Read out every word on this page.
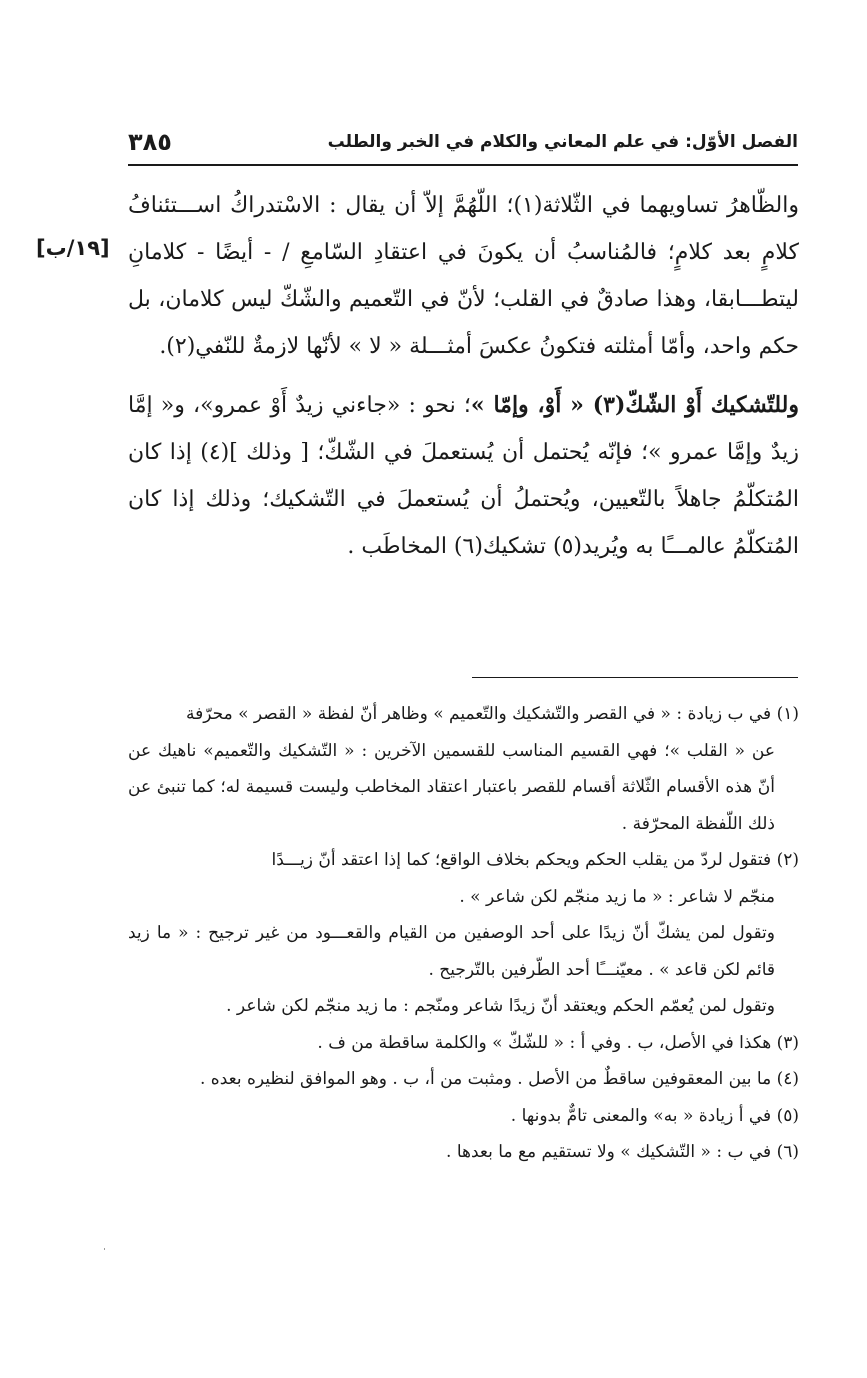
الفصل الأوّل: في علم المعاني والكلام في الخبر والطلب
٣٨٥
[١٩/ب]

والظّاهرُ تساويهما في الثّلاثة(١)؛ اللّهُمَّ إلاّ أن يقال : الاسْتدراكُ اســـتئنافُ كلامٍ بعد كلامٍ؛ فالمُناسبُ أن يكونَ في اعتقادِ السّامعِ / - أيضًا - كلامانِ ليتطـــابقا، وهذا صادقٌ في القلب؛ لأنّ في التّعميم والشّكّ ليس كلامان، بل حكم واحد، وأمّا أمثلته فتكونُ عكسَ أمثـــلة « لا » لأنّها لازمةٌ للنّفي(٢).

وللتّشكيك أَوْ الشّكّ(٣) « أَوْ، وإمّا »؛ نحو : «جاءني زيدٌ أَوْ عمرو»، و« إمَّا زيدٌ وإمَّا عمرو »؛ فإنّه يُحتمل أن يُستعملَ في الشّكّ؛ [ وذلك ](٤) إذا كان المُتكلّمُ جاهلاً بالتّعيين، ويُحتملُ أن يُستعملَ في التّشكيك؛ وذلك إذا كان المُتكلّمُ عالمـــًا به ويُريد(٥) تشكيك(٦) المخاطَب .

(١) في ب زيادة : « في القصر والتّشكيك والتّعميم » وظاهر أنّ لفظة « القصر » محرّفة
عن « القلب »؛ فهي القسيم المناسب للقسمين الآخرين : « التّشكيك والتّعميم» ناهيك عن أنّ هذه الأقسام الثّلاثة أقسام للقصر باعتبار اعتقاد المخاطب وليست قسيمة له؛ كما تنبئ عن ذلك اللّفظة المحرّفة .

(٢) فتقول لردّ من يقلب الحكم ويحكم بخلاف الواقع؛ كما إذا اعتقد أنّ زيـــدًا
منجّم لا شاعر : « ما زيد منجّم لكن شاعر » .
وتقول لمن يشكّ أنّ زيدًا على أحد الوصفين من القيام والقعـــود من غير ترجيح : « ما زيد قائم لكن قاعد » . معيّنـــًا أحد الطّرفين بالتّرجيح .
وتقول لمن يُعمّم الحكم ويعتقد أنّ زيدًا شاعر ومنّجم : ما زيد منجّم لكن شاعر .

(٣) هكذا في الأصل، ب . وفي أ : « للشّكّ » والكلمة ساقطة من ف .

(٤) ما بين المعقوفين ساقطٌ من الأصل . ومثبت من أ، ب . وهو الموافق لنظيره بعده .

(٥) في أ زيادة « به» والمعنى تامٌّ بدونها .

(٦) في ب : « التّشكيك » ولا تستقيم مع ما بعدها .
